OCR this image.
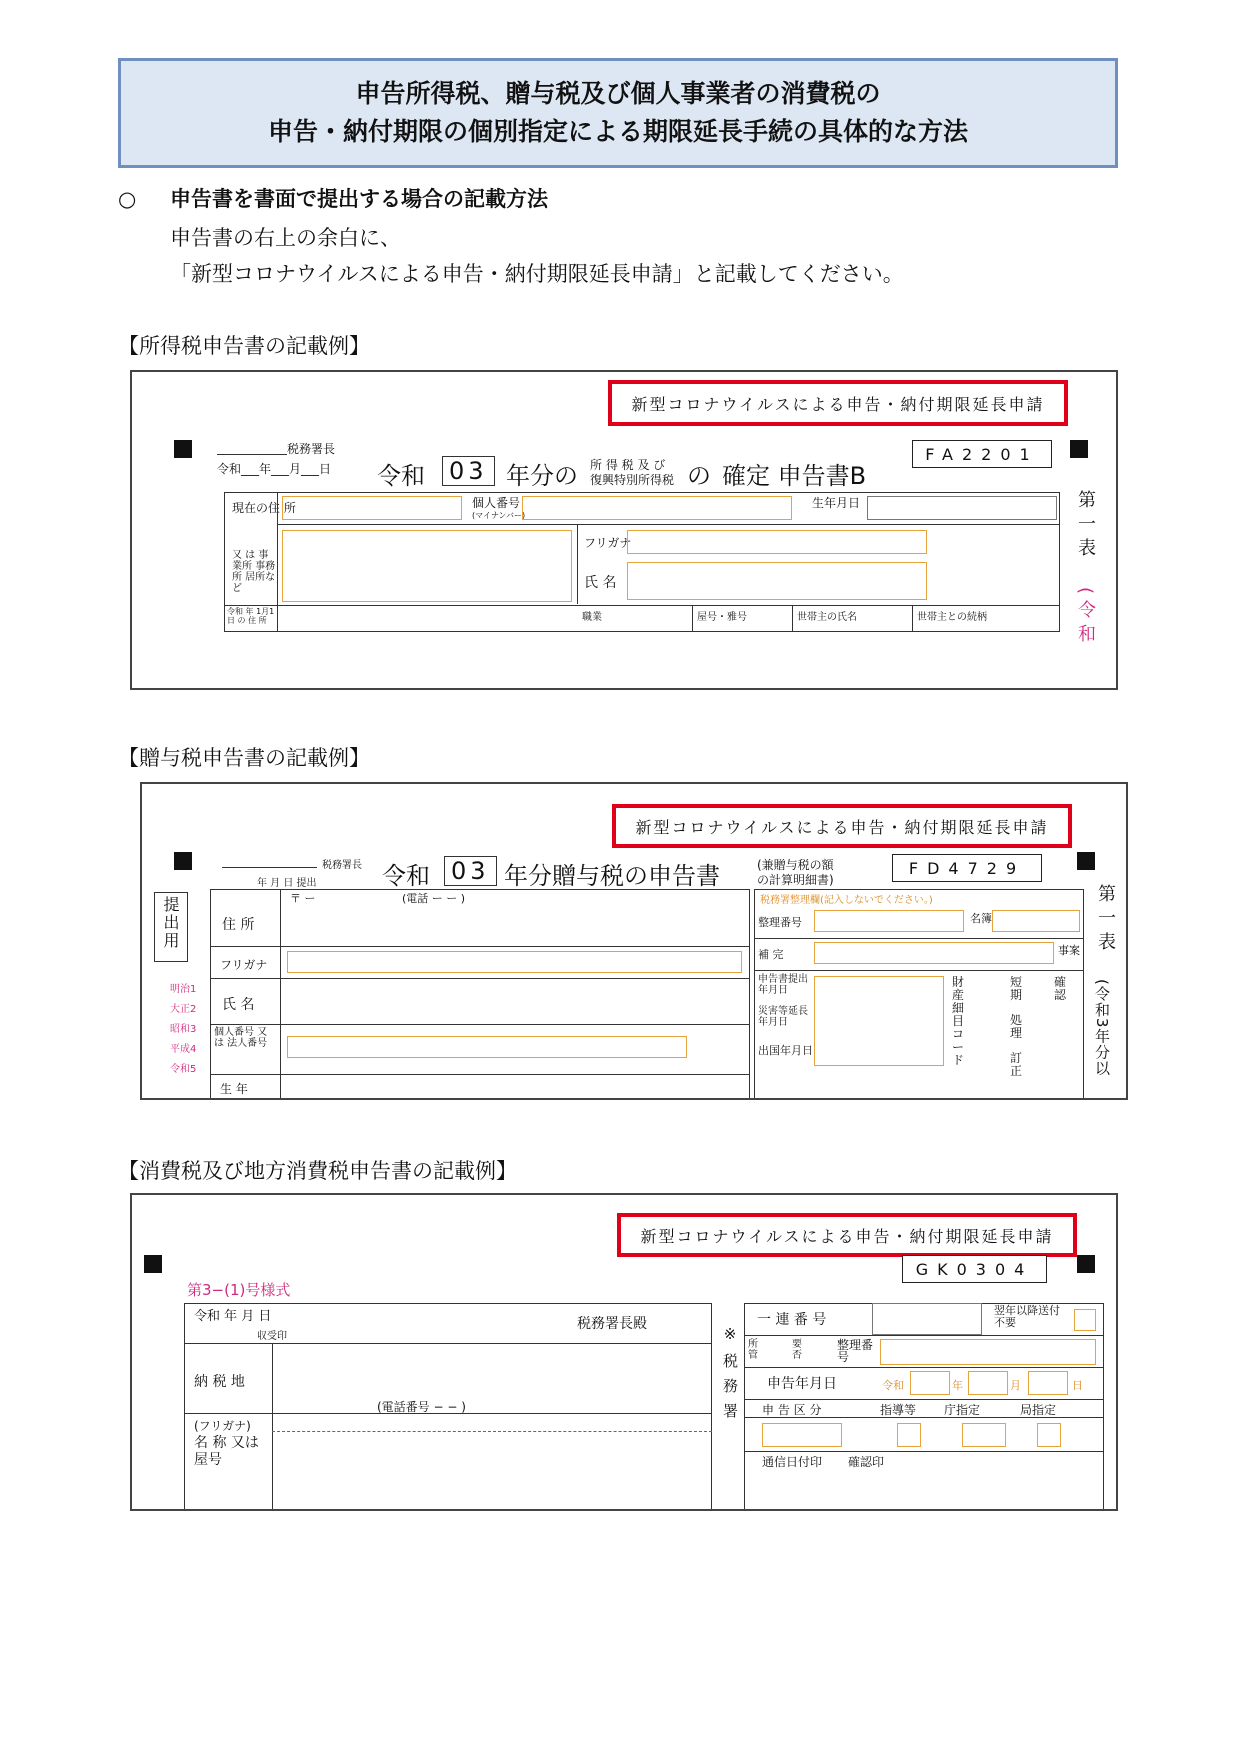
申告所得税、贈与税及び個人事業者の消費税の
申告・納付期限の個別指定による期限延長手続の具体的な方法
○ 申告書を書面で提出する場合の記載方法
申告書の右上の余白に、
「新型コロナウイルスによる申告・納付期限延長申請」と記載してください。
【所得税申告書の記載例】
新型コロナウイルスによる申告・納付期限延長申請
FA2201
税務署長
令和___年___月___日 令和 03 年分の 所 得 税 及 び
復興特別所得税 の 確定 申告書B
現在の住 所
又 は 事業所 事務所 居所など
個人番号
(マイナンバー)
生年月日
フリガナ
氏 名
令和 年 1月1日 の 住 所	職業	屋号・雅号	世帯主の氏名	世帯主との続柄
第一表
(令和
【贈与税申告書の記載例】
新型コロナウイルスによる申告・納付期限延長申請
FD4729
税務署長
年 月 日 提出	令和 03 年分贈与税の申告書	(兼贈与税の額
の計算明細書)
提出用	〒 ー	(電話 ー ー )
住 所
フリガナ
氏 名
個人番号 又は 法人番号
生 年
明治1
大正2
昭和3
平成4
令和5
税務署整理欄(記入しないでください。)
整理番号	名簿
補 完	事案
申告書提出年月日
災害等延長年月日
出国年月日
財産細目コード
短期
確認
処理
訂正
第一表
(令和3年分以
【消費税及び地方消費税申告書の記載例】
新型コロナウイルスによる申告・納付期限延長申請
GK0304
第3−(1)号様式
令和 年 月 日	税務署長殿
収受印
納 税 地
(電話番号 − − )
(フリガナ)
名 称 又は屋号
※税務署
一 連 番 号
翌年以降送付不要
所管
要否
整理番号
申告年月日	令和	年	月	日
申 告 区 分	指導等 庁指定	局指定
通信日付印 確認印
